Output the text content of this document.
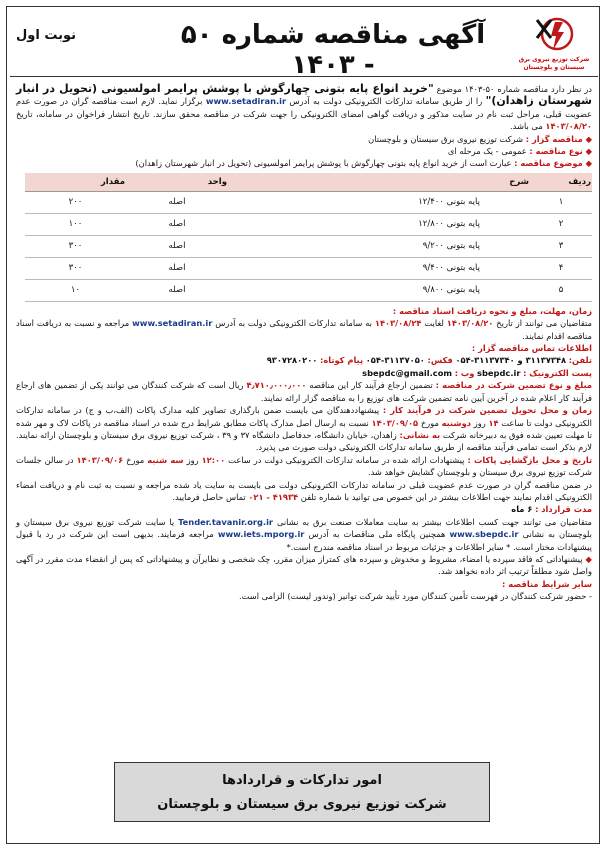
شرکت توزیع نیروی برق
سیستان و بلوچستان
آگهی مناقصه شماره ۵۰ - ۱۴۰۳
نوبت اول

در نظر دارد مناقصه شماره ۵۰-۱۴۰۳ موضوع "خرید انواع پایه بتونی چهارگوش با پوشش پرایمر امولسیونی (تحویل در انبار شهرستان زاهدان)" را از طریق سامانه تدارکات الکترونیکی دولت به آدرس www.setadiran.ir برگزار نماید. لازم است مناقصه گران در صورت عدم عضویت قبلی، مراحل ثبت نام در سایت مذکور و دریافت گواهی امضای الکترونیکی را جهت شرکت در مناقصه محقق سازند. تاریخ انتشار فراخوان در سامانه، تاریخ ۱۴۰۳/۰۸/۲۰ می باشد.

◆ مناقصه گزار : شرکت توزیع نیروی برق سیستان و بلوچستان

◆ نوع مناقصه : عمومی - یک مرحله ای

◆ موضوع مناقصه : عبارت است از خرید انواع پایه بتونی چهارگوش با پوشش پرایمر امولسیونی (تحویل در انبار شهرستان زاهدان)

ردیف	شرح	واحد	مقدار
۱	پایه بتونی ۱۲/۴۰۰	اصله	۲۰۰
۲	پایه بتونی ۱۲/۸۰۰	اصله	۱۰۰
۳	پایه بتونی ۹/۲۰۰	اصله	۳۰۰
۴	پایه بتونی ۹/۴۰۰	اصله	۳۰۰
۵	پایه بتونی ۹/۸۰۰	اصله	۱۰

زمان، مهلت، مبلغ و نحوه دریافت اسناد مناقصه :

متقاضیان می توانند از تاریخ ۱۴۰۳/۰۸/۲۰ لغایت ۱۴۰۳/۰۸/۲۴ به سامانه تدارکات الکترونیکی دولت به آدرس www.setadiran.ir مراجعه و نسبت به دریافت اسناد مناقصه اقدام نمایند.

اطلاعات تماس مناقصه گزار :

تلفن: ۳۱۱۳۷۳۴۸ و ۳۱۱۳۷۳۴۰-۰۵۴ فکس: ۳۱۱۳۷۰۵۰-۰۵۴ پیام کوتاه: ۹۳۰۷۲۸۰۲۰۰

پست الکترونیک : sbepdc.ir وب : sbepdc@gmail.com

مبلغ و نوع تضمین شرکت در مناقصه : تضمین ارجاع فرآیند کار این مناقصه ۴٫۷۱۰٫۰۰۰٫۰۰۰ ریال است که شرکت کنندگان می توانند یکی از تضمین های ارجاع فرآیند کار اعلام شده در آخرین آیین نامه تضمین شرکت های توزیع را به مناقصه گزار ارائه نمایند.

زمان و محل تحویل تضمین شرکت در فرآیند کار : پیشنهاددهندگان می بایست ضمن بارگذاری تصاویر کلیه مدارک پاکات (الف،ب و ج) در سامانه تدارکات الکترونیکی دولت تا ساعت ۱۴ روز دوشنبه مورخ ۱۴۰۳/۰۹/۰۵ نسبت به ارسال اصل مدارک پاکات مطابق شرایط درج شده در اسناد مناقصه در پاکات لاک و مهر شده تا مهلت تعیین شده فوق به دبیرخانه شرکت به نشانی: زاهدان، خیابان دانشگاه، حدفاصل دانشگاه ۳۷ و ۳۹ ، شرکت توزیع نیروی برق سیستان و بلوچستان ارائه نمایند. لازم بذکر است تمامی فرآیند مناقصه از طریق سامانه تدارکات الکترونیکی دولت صورت می پذیرد.

تاریخ و محل بازگشایی پاکات : پیشنهادات ارائه شده در سامانه تدارکات الکترونیکی دولت در ساعت ۱۲:۰۰ روز سه شنبه مورخ ۱۴۰۳/۰۹/۰۶ در سالن جلسات شرکت توزیع نیروی برق سیستان و بلوچستان گشایش خواهد شد.

در ضمن مناقصه گران در صورت عدم عضویت قبلی در سامانه تدارکات الکترونیکی دولت می بایست به سایت یاد شده مراجعه و نسبت به ثبت نام و دریافت امضاء الکترونیکی اقدام نمایند جهت اطلاعات بیشتر در این خصوص می توانید با شماره تلفن ۴۱۹۳۴ - ۰۲۱ تماس حاصل فرمایید.

مدت قرارداد : ۶ ماه

متقاضیان می توانند جهت کسب اطلاعات بیشتر به سایت معاملات صنعت برق به نشانی Tender.tavanir.org.ir یا سایت شرکت توزیع نیروی برق سیستان و بلوچستان به نشانی www.sbepdc.ir همچنین پایگاه ملی مناقصات به آدرس www.iets.mporg.ir مراجعه فرمایند. بدیهی است این شرکت در رد یا قبول پیشنهادات مختار است. * سایر اطلاعات و جزئیات مربوط در اسناد مناقصه مندرج است.*

◆ پیشنهاداتی که فاقد سپرده یا امضاء، مشروط و مخدوش و سپرده های کمتراز میزان مقرر، چک شخصی و نظایرآن و پیشنهاداتی که پس از انقضاء مدت مقرر در آگهی واصل شود مطلقاً ترتیب اثر داده نخواهد شد.

سایر شرایط مناقصه :

- حضور شرکت کنندگان در فهرست تأمین کنندگان مورد تأیید شرکت توانیر (وندور لیست) الزامی است.

امور تدارکات و قراردادها
شرکت توزیع نیروی برق سیستان و بلوچستان
